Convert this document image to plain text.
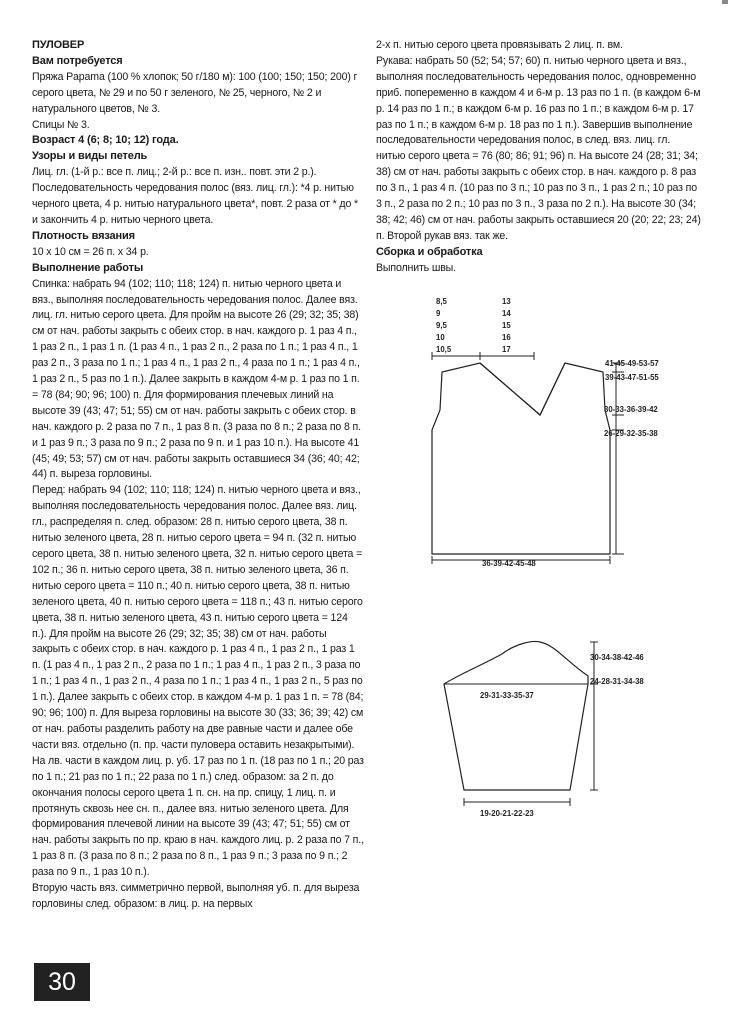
ПУЛОВЕР

Вам потребуется

Пряжа Papama (100 % хлопок; 50 г/180 м): 100 (100; 150; 150; 200) г серого цвета, № 29 и по 50 г зеленого, № 25, черного, № 2 и натурального цветов, № 3.

Спицы № 3.

Возраст 4 (6; 8; 10; 12) года.

Узоры и виды петель

Лиц. гл. (1-й р.: все п. лиц.; 2-й р.: все п. изн.. повт. эти 2 р.). Последовательность чередования полос (вяз. лиц. гл.): *4 р. нитью черного цвета, 4 р. нитью натурального цвета*, повт. 2 раза от * до * и закончить 4 р. нитью черного цвета.

Плотность вязания

10 x 10 см = 26 п. x 34 р.

Выполнение работы

Спинка: набрать 94 (102; 110; 118; 124) п. нитью черного цвета и вяз., выполняя последовательность чередования полос. Далее вяз. лиц. гл. нитью серого цвета. Для пройм на высоте 26 (29; 32; 35; 38) см от нач. работы закрыть с обеих стор. в нач. каждого р. 1 раз 4 п., 1 раз 2 п., 1 раз 1 п. (1 раз 4 п., 1 раз 2 п., 2 раза по 1 п.; 1 раз 4 п., 1 раз 2 п., 3 раза по 1 п.; 1 раз 4 п., 1 раз 2 п., 4 раза по 1 п.; 1 раз 4 п., 1 раз 2 п., 5 раз по 1 п.). Далее закрыть в каждом 4-м р. 1 раз по 1 п. = 78 (84; 90; 96; 100) п. Для формирования плечевых линий на высоте 39 (43; 47; 51; 55) см от нач. работы закрыть с обеих стор. в нач. каждого р. 2 раза по 7 п., 1 раз 8 п. (3 раза по 8 п.; 2 раза по 8 п. и 1 раз 9 п.; 3 раза по 9 п.; 2 раза по 9 п. и 1 раз 10 п.). На высоте 41 (45; 49; 53; 57) см от нач. работы закрыть оставшиеся 34 (36; 40; 42; 44) п. выреза горловины.

Перед: набрать 94 (102; 110; 118; 124) п. нитью черного цвета и вяз., выполняя последовательность чередования полос. Далее вяз. лиц. гл., распределяя п. след. образом: 28 п. нитью серого цвета, 38 п. нитью зеленого цвета, 28 п. нитью серого цвета = 94 п. (32 п. нитью серого цвета, 38 п. нитью зеленого цвета, 32 п. нитью серого цвета = 102 п.; 36 п. нитью серого цвета, 38 п. нитью зеленого цвета, 36 п. нитью серого цвета = 110 п.; 40 п. нитью серого цвета, 38 п. нитью зеленого цвета, 40 п. нитью серого цвета = 118 п.; 43 п. нитью серого цвета, 38 п. нитью зеленого цвета, 43 п. нитью серого цвета = 124 п.). Для пройм на высоте 26 (29; 32; 35; 38) см от нач. работы закрыть с обеих стор. в нач. каждого р. 1 раз 4 п., 1 раз 2 п., 1 раз 1 п. (1 раз 4 п., 1 раз 2 п., 2 раза по 1 п.; 1 раз 4 п., 1 раз 2 п., 3 раза по 1 п.; 1 раз 4 п., 1 раз 2 п., 4 раза по 1 п.; 1 раз 4 п., 1 раз 2 п., 5 раз по 1 п.). Далее закрыть с обеих стор. в каждом 4-м р. 1 раз 1 п. = 78 (84; 90; 96; 100) п. Для выреза горловины на высоте 30 (33; 36; 39; 42) см от нач. работы разделить работу на две равные части и далее обе части вяз. отдельно (п. пр. части пуловера оставить незакрытыми). На лв. части в каждом лиц. р. уб. 17 раз по 1 п. (18 раз по 1 п.; 20 раз по 1 п.; 21 раз по 1 п.; 22 раза по 1 п.) след. образом: за 2 п. до окончания полосы серого цвета 1 п. сн. на пр. спицу, 1 лиц. п. и протянуть сквозь нее сн. п., далее вяз. нитью зеленого цвета. Для формирования плечевой линии на высоте 39 (43; 47; 51; 55) см от нач. работы закрыть по пр. краю в нач. каждого лиц. р. 2 раза по 7 п., 1 раз 8 п. (3 раза по 8 п.; 2 раза по 8 п., 1 раз 9 п.; 3 раза по 9 п.; 2 раза по 9 п., 1 раз 10 п.).

Вторую часть вяз. симметрично первой, выполняя уб. п. для выреза горловины след. образом: в лиц. р. на первых

2-х п. нитью серого цвета провязывать 2 лиц. п. вм.

Рукава: набрать 50 (52; 54; 57; 60) п. нитью черного цвета и вяз., выполняя последовательность чередования полос, одновременно приб. попеременно в каждом 4 и 6-м р. 13 раз по 1 п. (в каждом 6-м р. 14 раз по 1 п.; в каждом 6-м р. 16 раз по 1 п.; в каждом 6-м р. 17 раз по 1 п.; в каждом 6-м р. 18 раз по 1 п.). Завершив выполнение последовательности чередования полос, в след. вяз. лиц. гл. нитью серого цвета = 76 (80; 86; 91; 96) п. На высоте 24 (28; 31; 34; 38) см от нач. работы закрыть с обеих стор. в нач. каждого р. 8 раз по 3 п., 1 раз 4 п. (10 раз по 3 п.; 10 раз по 3 п., 1 раз 2 п.; 10 раз по 3 п., 2 раза по 2 п.; 10 раз по 3 п., 3 раза по 2 п.). На высоте 30 (34; 38; 42; 46) см от нач. работы закрыть оставшиеся 20 (20; 22; 23; 24) п. Второй рукав вяз. так же.

Сборка и обработка

Выполнить швы.

8,5
9
9,5
10
10,5
13
14
15
16
17
41-45-49-53-57
39-43-47-51-55
30-33-36-39-42
26-29-32-35-38
36-39-42-45-48
29-31-33-35-37
30-34-38-42-46
24-28-31-34-38
19-20-21-22-23
30
